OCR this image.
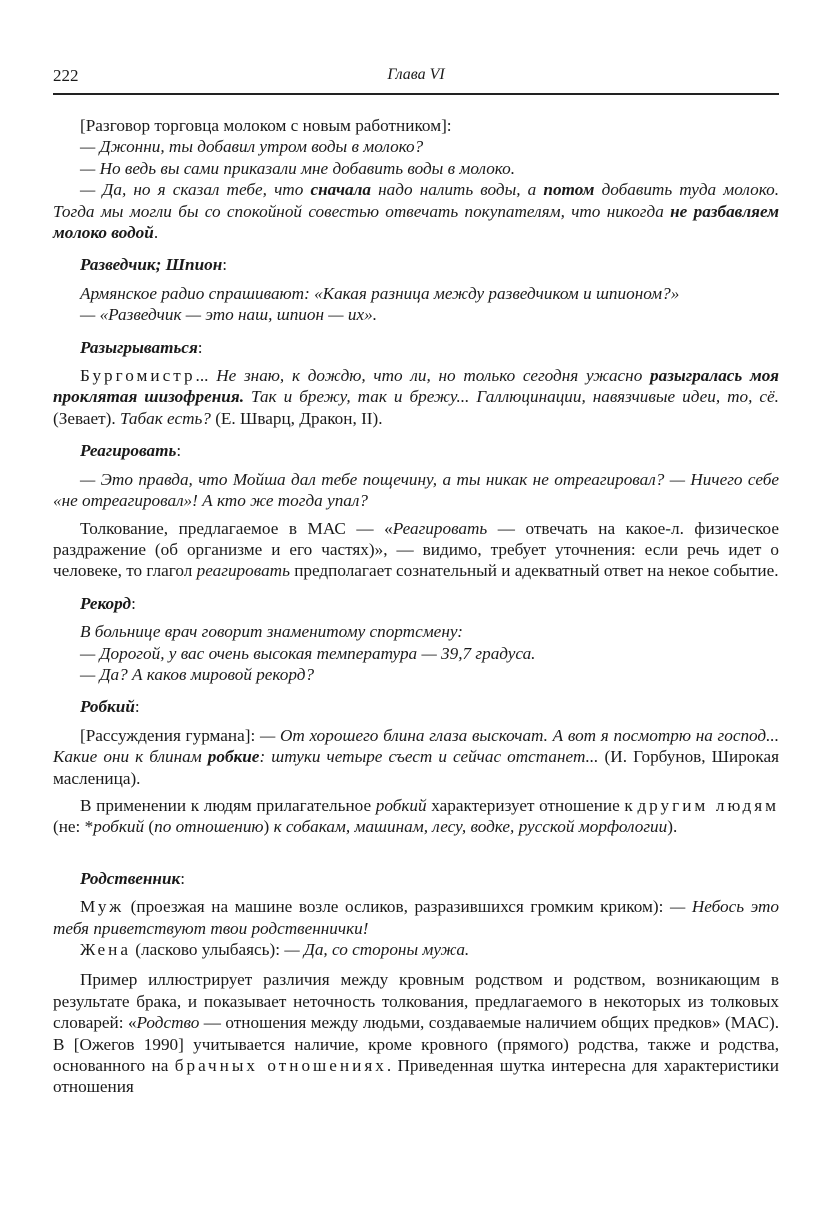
222	Глава VI

[Разговор торговца молоком с новым работником]:

— Джонни, ты добавил утром воды в молоко?

— Но ведь вы сами приказали мне добавить воды в молоко.

— Да, но я сказал тебе, что сначала надо налить воды, а потом добавить туда молоко. Тогда мы могли бы со спокойной совестью отвечать покупателям, что никогда не разбавляем молоко водой.

Разведчик; Шпион:

Армянское радио спрашивают: «Какая разница между разведчиком и шпионом?»

— «Разведчик — это наш, шпион — их».

Разыгрываться:

Бургомистр... Не знаю, к дождю, что ли, но только сегодня ужасно разыгралась моя проклятая шизофрения. Так и брежу, так и брежу... Галлюцинации, навязчивые идеи, то, сё. (Зевает). Табак есть? (Е. Шварц, Дракон, II).

Реагировать:

— Это правда, что Мойша дал тебе пощечину, а ты никак не отреагировал? — Ничего себе «не отреагировал»! А кто же тогда упал?

Толкование, предлагаемое в МАС — «Реагировать — отвечать на какое-л. физическое раздражение (об организме и его частях)», — видимо, требует уточнения: если речь идет о человеке, то глагол реагировать предполагает сознательный и адекватный ответ на некое событие.

Рекорд:

В больнице врач говорит знаменитому спортсмену:

— Дорогой, у вас очень высокая температура — 39,7 градуса.

— Да? А каков мировой рекорд?

Робкий:

[Рассуждения гурмана]: — От хорошего блина глаза выскочат. А вот я посмотрю на господ... Какие они к блинам робкие: штуки четыре съест и сейчас отстанет... (И. Горбунов, Широкая масленица).

В применении к людям прилагательное робкий характеризует отношение к другим людям (не: *робкий (по отношению) к собакам, машинам, лесу, водке, русской морфологии).

Родственник:

Муж (проезжая на машине возле осликов, разразившихся громким криком): — Небось это тебя приветствуют твои родственнички!

Жена (ласково улыбаясь): — Да, со стороны мужа.

Пример иллюстрирует различия между кровным родством и родством, возникающим в результате брака, и показывает неточность толкования, предлагаемого в некоторых из толковых словарей: «Родство — отношения между людьми, создаваемые наличием общих предков» (МАС). В [Ожегов 1990] учитывается наличие, кроме кровного (прямого) родства, также и родства, основанного на брачных отношениях. Приведенная шутка интересна для характеристики отношения
